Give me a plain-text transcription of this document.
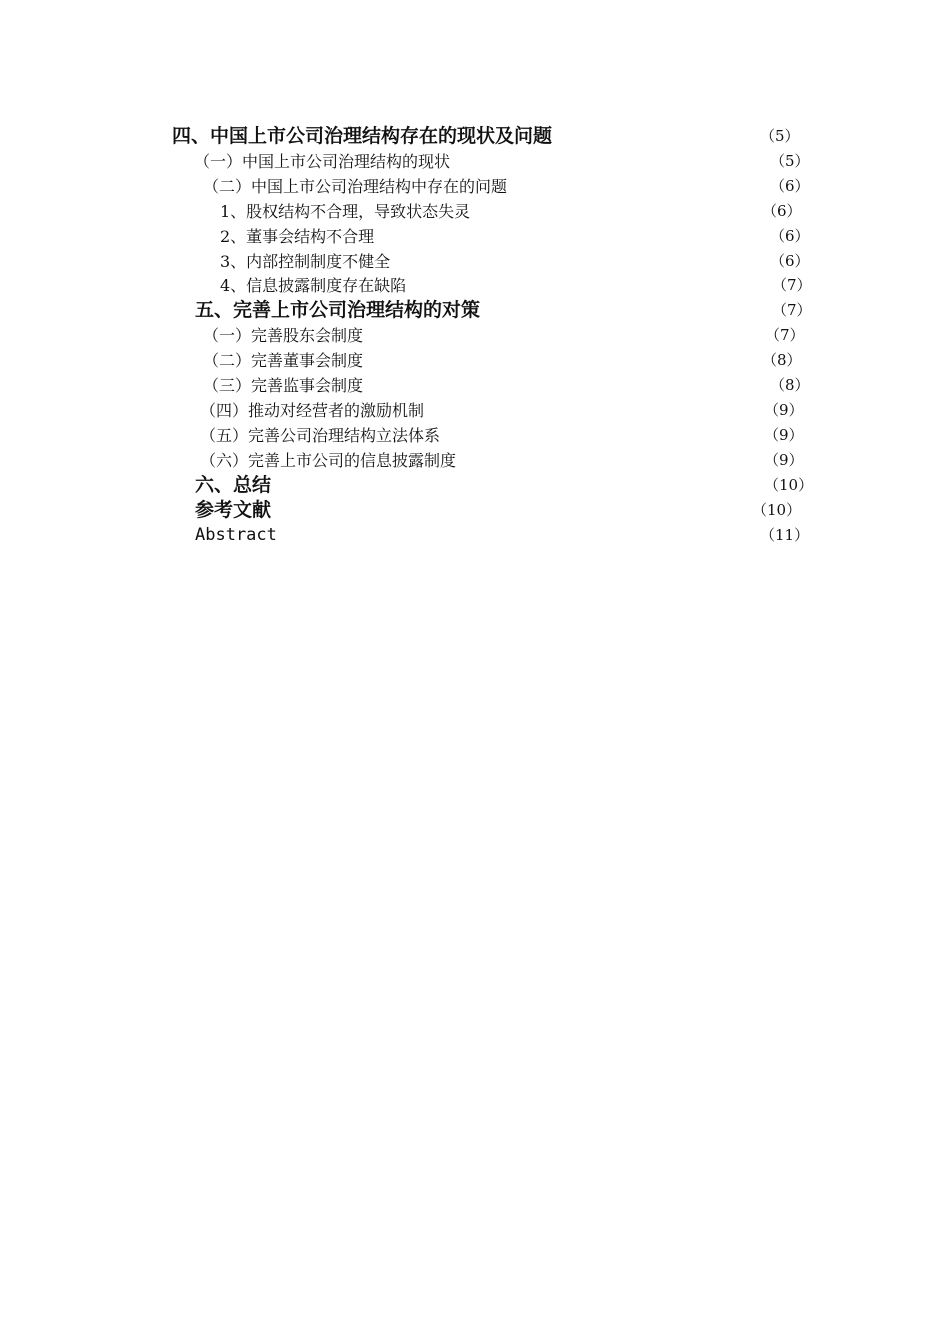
四、中国上市公司治理结构存在的现状及问题	（5）
（一）中国上市公司治理结构的现状	（5）
（二）中国上市公司治理结构中存在的问题	（6）
1、股权结构不合理，导致状态失灵	（6）
2、董事会结构不合理	（6）
3、内部控制制度不健全	（6）
4、信息披露制度存在缺陷	（7）
五、完善上市公司治理结构的对策	（7）
（一）完善股东会制度	（7）
（二）完善董事会制度	（8）
（三）完善监事会制度	（8）
（四）推动对经营者的激励机制	（9）
（五）完善公司治理结构立法体系	（9）
（六）完善上市公司的信息披露制度	（9）
六、总结	（10）
参考文献	（10）
Abstract	（11）
